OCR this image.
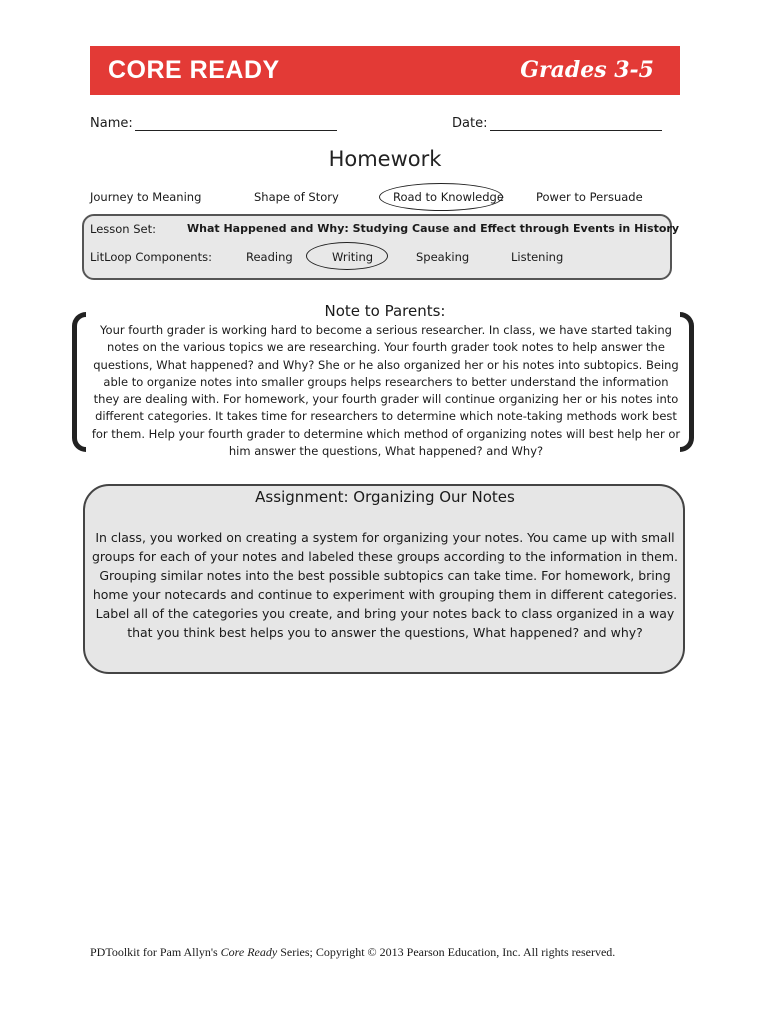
CORE READY	Grades 3-5
Name:	Date:
Homework
Journey to Meaning	Shape of Story	Road to Knowledge	Power to Persuade
Lesson Set:	What Happened and Why: Studying Cause and Effect through Events in History
LitLoop Components:	Reading	Writing	Speaking	Listening
Note to Parents:
Your fourth grader is working hard to become a serious researcher. In class, we have started taking notes on the various topics we are researching. Your fourth grader took notes to help answer the questions, What happened? and Why? She or he also organized her or his notes into subtopics. Being able to organize notes into smaller groups helps researchers to better understand the information they are dealing with. For homework, your fourth grader will continue organizing her or his notes into different categories. It takes time for researchers to determine which note-taking methods work best for them. Help your fourth grader to determine which method of organizing notes will best help her or him answer the questions, What happened? and Why?
Assignment: Organizing Our Notes
In class, you worked on creating a system for organizing your notes. You came up with small groups for each of your notes and labeled these groups according to the information in them. Grouping similar notes into the best possible subtopics can take time. For homework, bring home your notecards and continue to experiment with grouping them in different categories. Label all of the categories you create, and bring your notes back to class organized in a way that you think best helps you to answer the questions, What happened? and why?
PDToolkit for Pam Allyn's Core Ready Series; Copyright © 2013 Pearson Education, Inc. All rights reserved.
